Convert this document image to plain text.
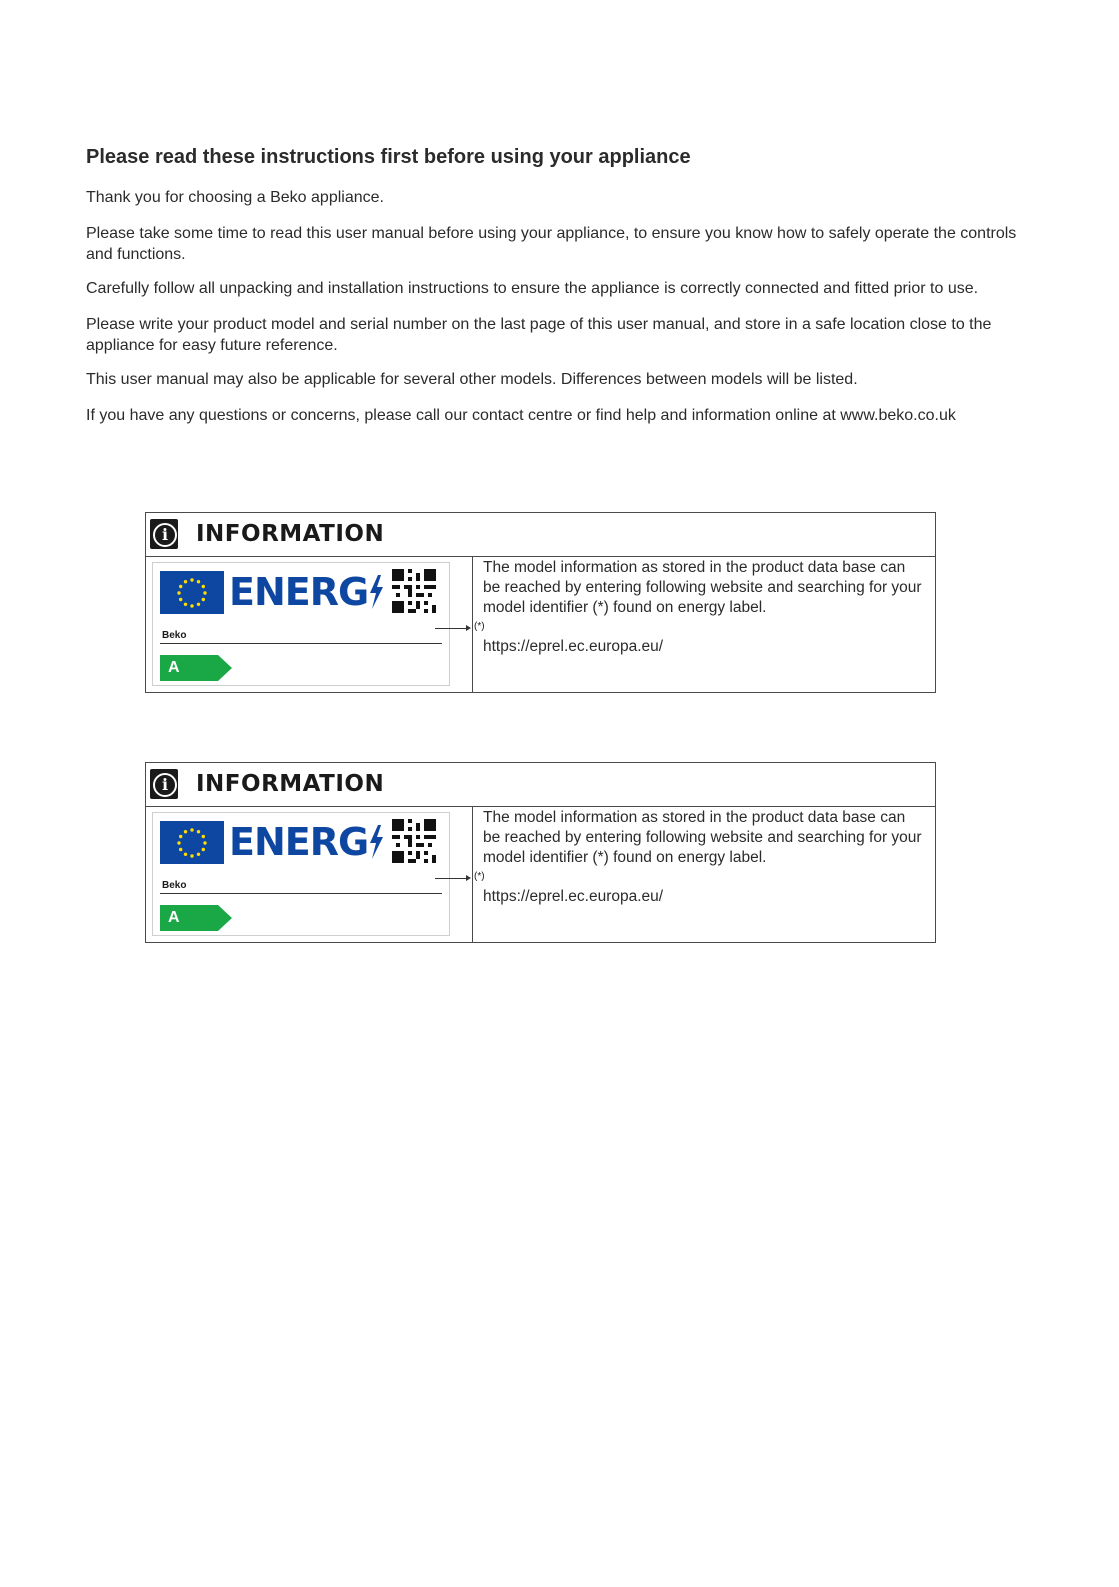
Please read these instructions first before using your appliance

Thank you for choosing a Beko appliance.

Please take some time to read this user manual before using your appliance, to ensure you know how to safely operate the controls and functions.

Carefully follow all unpacking and installation instructions to ensure the appliance is correctly connected and fitted prior to use.

Please write your product model and serial number on the last page of this user manual, and store in a safe location close to the appliance for easy future reference.

This user manual may also be applicable for several other models. Differences between models will be listed.

If you have any questions or concerns, please call our contact centre or find help and information online at www.beko.co.uk

i	INFORMATION
ENERG
Beko
A
(*)

The model information as stored in the product data base can be reached by entering following website and searching for your model identifier (*) found on energy label.

https://eprel.ec.europa.eu/
i	INFORMATION
ENERG
Beko
A
(*)

The model information as stored in the product data base can be reached by entering following website and searching for your model identifier (*) found on energy label.

https://eprel.ec.europa.eu/
